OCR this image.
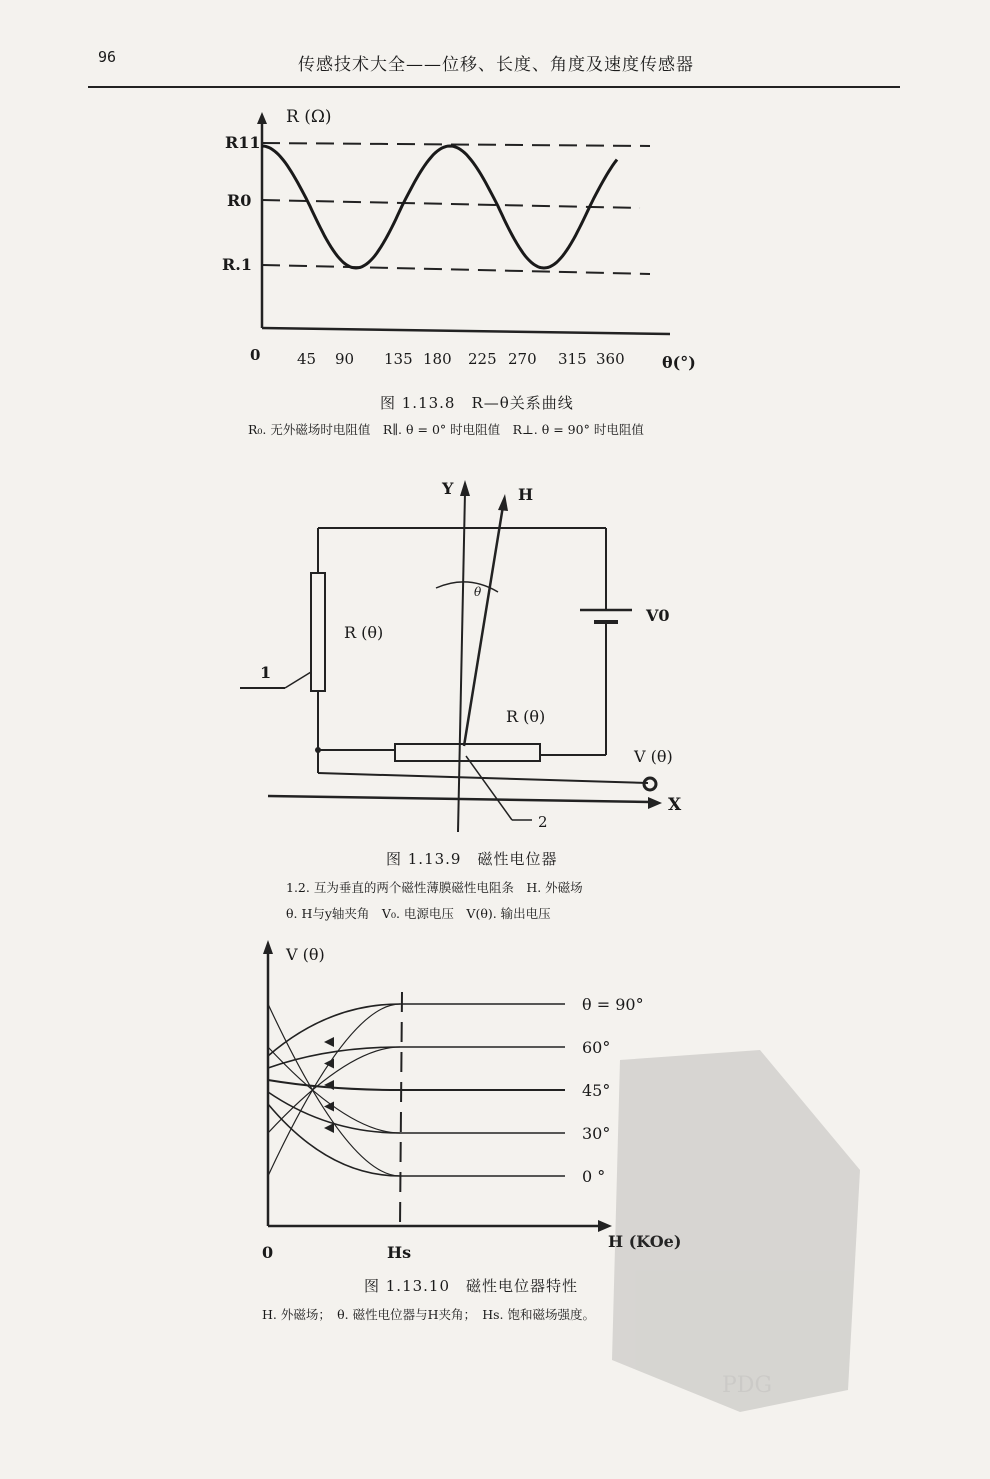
96	传感技术大全——位移、长度、角度及速度传感器
R (Ω)
R11
R0
R.1
θ(°)
0 45 90 135 180 225 270 315 360
图 1.13.8　R—θ关系曲线
R₀. 无外磁场时电阻值　R∥. θ = 0° 时电阻值　R⊥. θ = 90° 时电阻值
Y	H
θ
R (θ)
R (θ)
V0
V (θ)
X
1
2
图 1.13.9　磁性电位器
1.2. 互为垂直的两个磁性薄膜磁性电阻条　H. 外磁场
θ. H与y轴夹角　V₀. 电源电压　V(θ). 输出电压
θ = 90°
60°
45°
30°
0 °
V (θ)
H (KOe)
0	Hs
图 1.13.10　磁性电位器特性
H. 外磁场；　θ. 磁性电位器与H夹角；　Hs. 饱和磁场强度。
PDG
